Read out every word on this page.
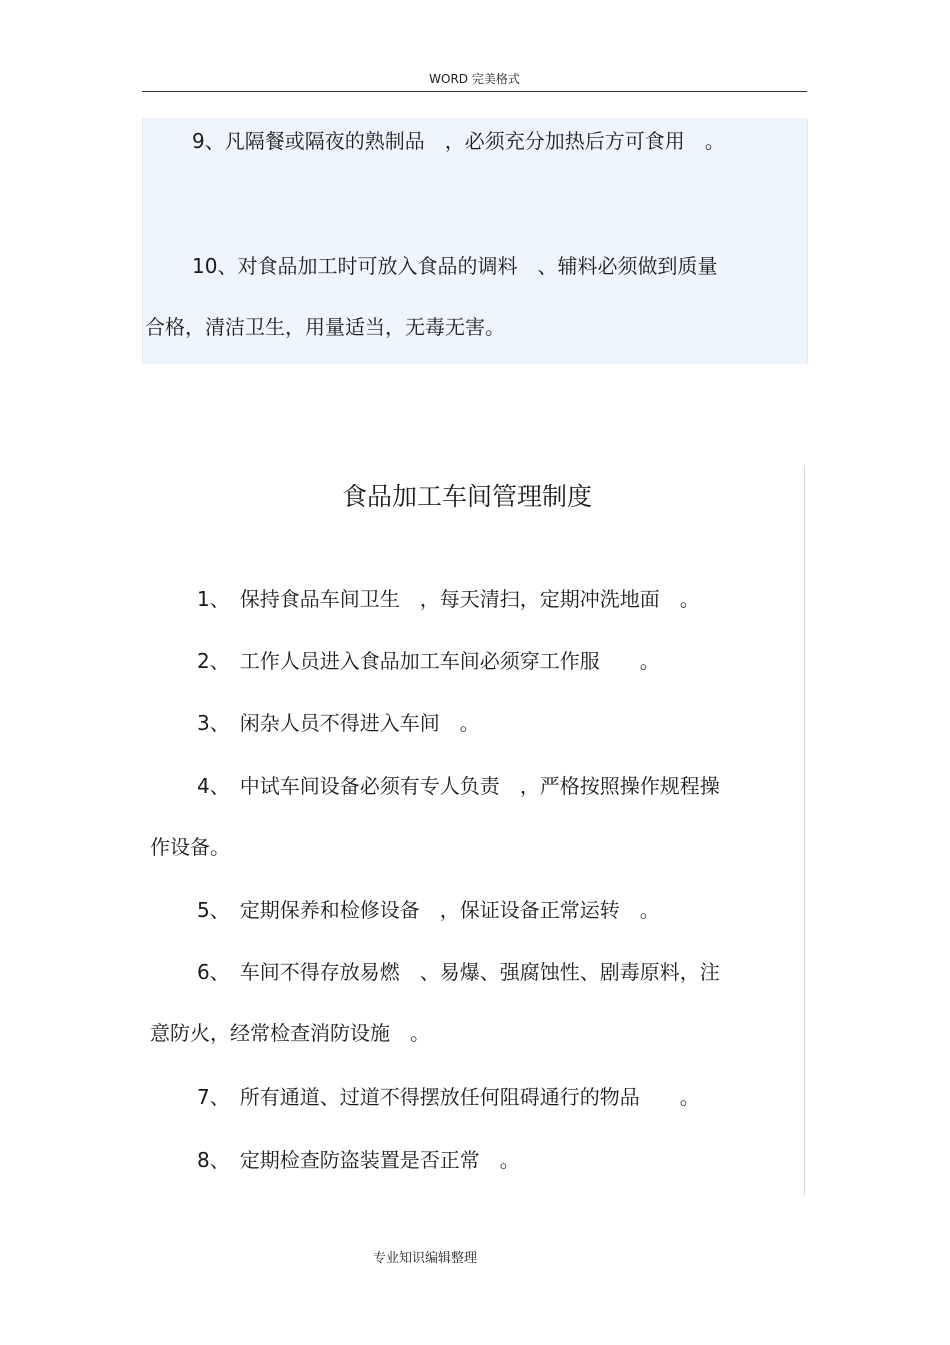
WORD 完美格式
9、凡隔餐或隔夜的熟制品　，必须充分加热后方可食用　。
10、对食品加工时可放入食品的调料　、辅料必须做到质量
合格，清洁卫生，用量适当，无毒无害。
食品加工车间管理制度
1、　保持食品车间卫生　，每天清扫，定期冲洗地面　。
2、　工作人员进入食品加工车间必须穿工作服　　。
3、　闲杂人员不得进入车间　。
4、　中试车间设备必须有专人负责　，严格按照操作规程操
作设备。
5、　定期保养和检修设备　，保证设备正常运转　。
6、　车间不得存放易燃　、易爆、强腐蚀性、剧毒原料，注
意防火，经常检查消防设施　。
7、　所有通道、过道不得摆放任何阻碍通行的物品　　。
8、　定期检查防盗装置是否正常　。
专业知识编辑整理
